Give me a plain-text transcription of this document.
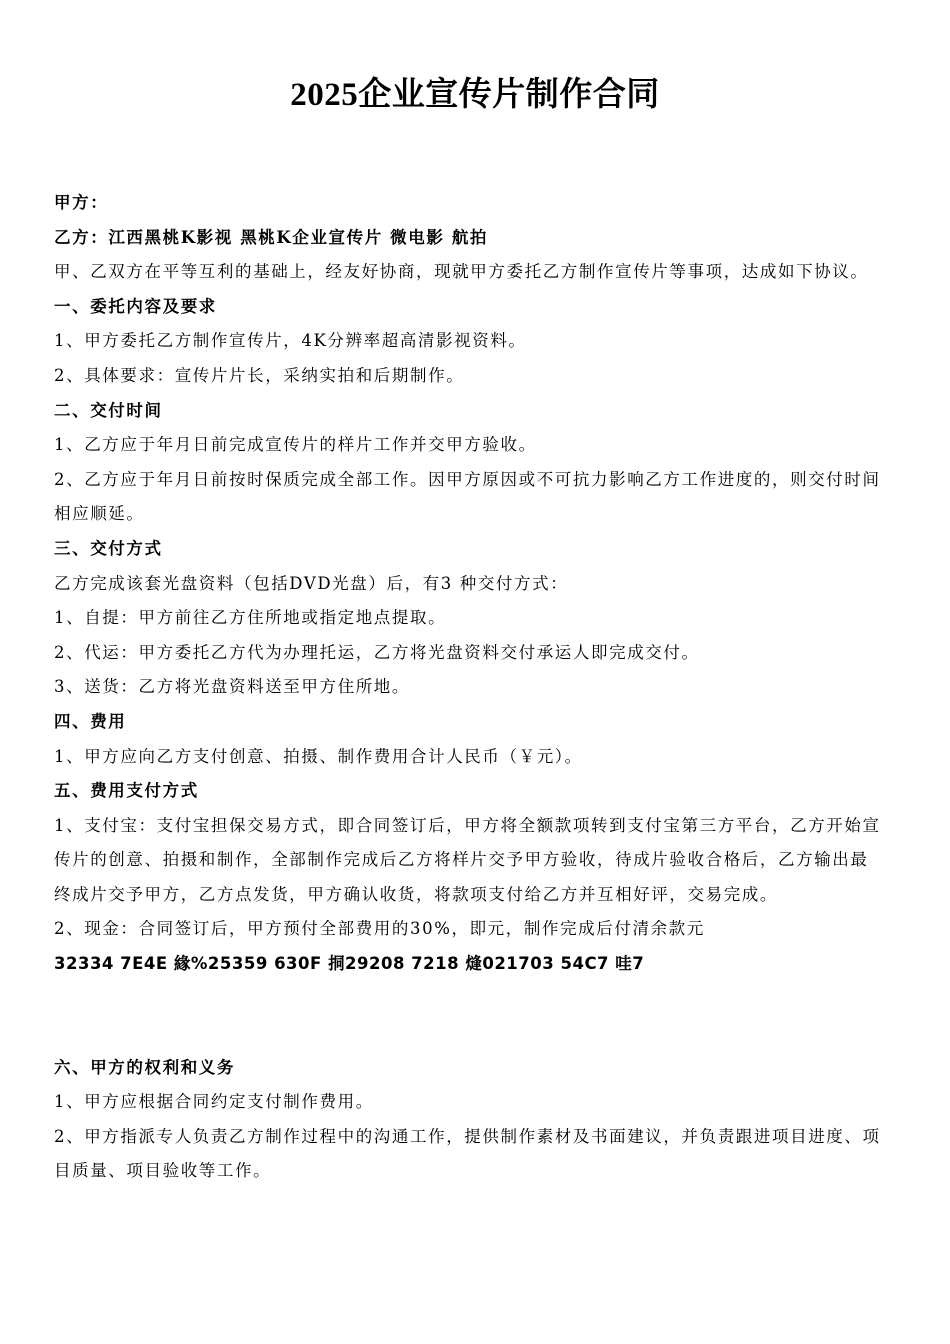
2025企业宣传片制作合同
甲方：
乙方：江西黑桃K影视 黑桃K企业宣传片 微电影 航拍
甲、乙双方在平等互利的基础上，经友好协商，现就甲方委托乙方制作宣传片等事项，达成如下协议。
一、委托内容及要求
1、甲方委托乙方制作宣传片，4K分辨率超高清影视资料。
2、具体要求：宣传片片长，采纳实拍和后期制作。
二、交付时间
1、乙方应于年月日前完成宣传片的样片工作并交甲方验收。
2、乙方应于年月日前按时保质完成全部工作。因甲方原因或不可抗力影响乙方工作进度的，则交付时间相应顺延。
三、交付方式
乙方完成该套光盘资料（包括DVD光盘）后，有3 种交付方式：
1、自提：甲方前往乙方住所地或指定地点提取。
2、代运：甲方委托乙方代为办理托运，乙方将光盘资料交付承运人即完成交付。
3、送货：乙方将光盘资料送至甲方住所地。
四、费用
1、甲方应向乙方支付创意、拍摄、制作费用合计人民币（￥元）。
五、费用支付方式
1、支付宝：支付宝担保交易方式，即合同签订后，甲方将全额款项转到支付宝第三方平台，乙方开始宣传片的创意、拍摄和制作，全部制作完成后乙方将样片交予甲方验收，待成片验收合格后，乙方输出最终成片交予甲方，乙方点发货，甲方确认收货，将款项支付给乙方并互相好评，交易完成。
2、现金：合同签订后，甲方预付全部费用的30%，即元，制作完成后付清余款元
32334 7E4E 緣%25359 630F 挏29208 7218 熢021703 54C7 哇7
六、甲方的权利和义务
1、甲方应根据合同约定支付制作费用。
2、甲方指派专人负责乙方制作过程中的沟通工作，提供制作素材及书面建议，并负责跟进项目进度、项目质量、项目验收等工作。
